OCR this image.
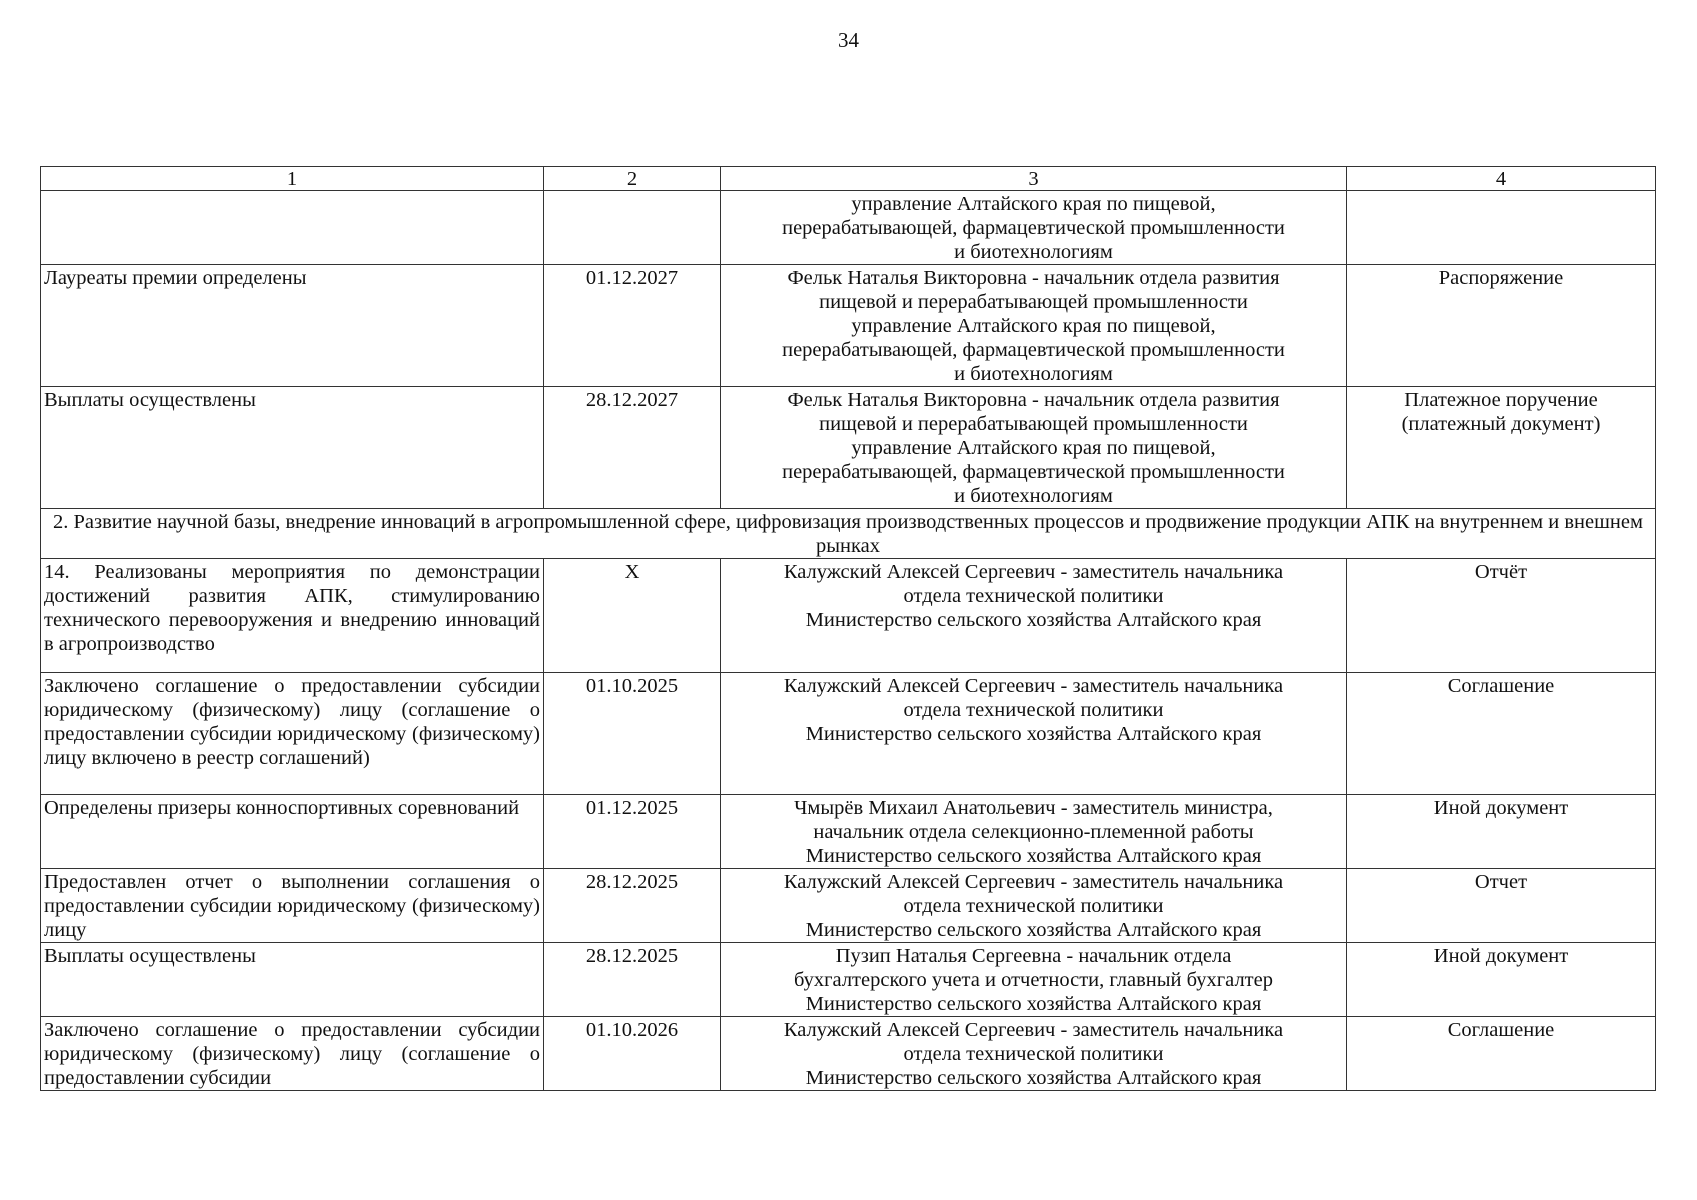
34
1	2	3	4

		управление Алтайского края по пищевой,
перерабатывающей, фармацевтической промышленности
и биотехнологиям	

Лауреаты премии определены	01.12.2027	Фельк Наталья Викторовна - начальник отдела развития
пищевой и перерабатывающей промышленности
управление Алтайского края по пищевой,
перерабатывающей, фармацевтической промышленности
и биотехнологиям	Распоряжение
Выплаты осуществлены	28.12.2027	Фельк Наталья Викторовна - начальник отдела развития
пищевой и перерабатывающей промышленности
управление Алтайского края по пищевой,
перерабатывающей, фармацевтической промышленности
и биотехнологиям	Платежное поручение (платежный документ)
2. Развитие научной базы, внедрение инноваций в агропромышленной сфере, цифровизация производственных процессов и продвижение продукции АПК на внутреннем и внешнем рынках			
14. Реализованы мероприятия по демонстрации достижений развития АПК, стимулированию технического перевооружения и внедрению инноваций в агропроизводство	X	Калужский Алексей Сергеевич - заместитель начальника
отдела технической политики
Министерство сельского хозяйства Алтайского края	Отчёт
Заключено соглашение о предоставлении субсидии юридическому (физическому) лицу (соглашение о предоставлении субсидии юридическому (физическому) лицу включено в реестр соглашений)	01.10.2025	Калужский Алексей Сергеевич - заместитель начальника
отдела технической политики
Министерство сельского хозяйства Алтайского края	Соглашение
Определены призеры конноспортивных соревнований	01.12.2025	Чмырёв Михаил Анатольевич - заместитель министра,
начальник отдела селекционно-племенной работы
Министерство сельского хозяйства Алтайского края	Иной документ
Предоставлен отчет о выполнении соглашения о предоставлении субсидии юридическому (физическому) лицу	28.12.2025	Калужский Алексей Сергеевич - заместитель начальника
отдела технической политики
Министерство сельского хозяйства Алтайского края	Отчет
Выплаты осуществлены	28.12.2025	Пузип Наталья Сергеевна - начальник отдела
бухгалтерского учета и отчетности, главный бухгалтер
Министерство сельского хозяйства Алтайского края	Иной документ
Заключено соглашение о предоставлении субсидии юридическому (физическому) лицу (соглашение о предоставлении субсидии	01.10.2026	Калужский Алексей Сергеевич - заместитель начальника
отдела технической политики
Министерство сельского хозяйства Алтайского края	Соглашение
